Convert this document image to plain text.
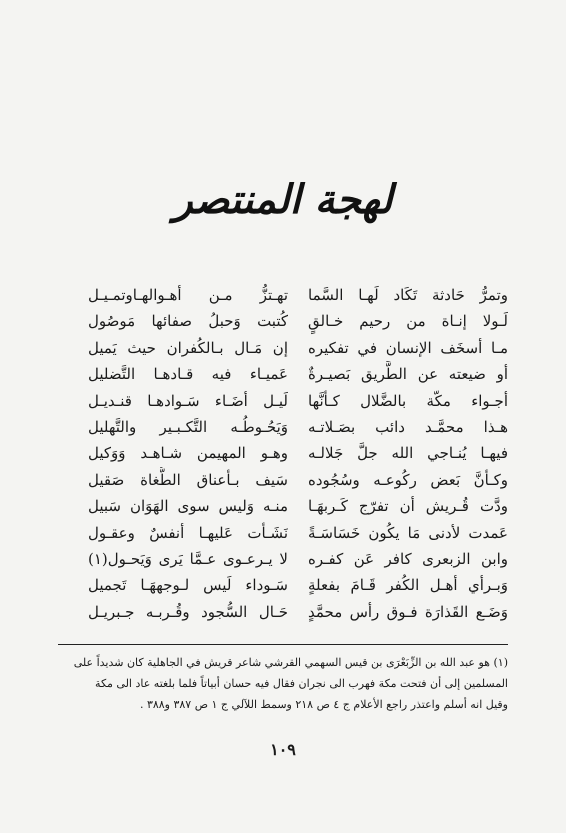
لهجة المنتصر
وتمرُّ حَادثة تَكَاد لَهـا السَّما
تهـتزُّ مـن أهـوالهـاوتمـيـل
لَـولا إنـاة من رحيم خـالقٍ
كُتبت وَحبلُ صفائها مَوصُول
مـا أسخَف الإنسان في تفكيره
إن مَـال بـالكُفران حيث يَميل
أو ضيعته عن الطَّريق بَصيـرةٌ
عَميـاء فيه قـادهـا التَّضليل
أجـواء مكّة بالضَّلال كـأنَّها
لَيـل أضَـاء سَـوادهـا قنـديـل
هـذا محمَّـد دائب بصَـلاتـه
وَيَحُـوطُـه التَّكـبـير والتَّهليل
فيهـا يُنـاجي الله جلَّ جَلالـه
وهـو المهيمن شـاهـد وَوَكيل
وكـأنَّ بَعض ركُوعـه وسُجُوده
سَيف بـأعناق الطُّغاة صَقيل
ودَّت قُـريش أن تفرّج كَـربهَـا
منـه وَليس سوى الهَوَان سَبيل
عَمدت لأدنى مَا يكُون خَسَاسَـةً
نَشَـأت عَليهـا أنفسٌ وعقـول
وابن الزبعرى كافر عَن كفـره
لا يـرعـوى عـمَّا يَرى وَيَحـول(١)
وَبـرأي أهـل الكُفر قَـامَ بفعلةٍ
سَـوداء لَيس لـوجههَـا تَجميل
وَضَـع القَذارَة فـوق رأس محمَّدٍ
حَـال السُّجود وقُـربـه جـبريـل
(١) هو عبد الله بن الزِّبَعْرَى بن قيس السهمي القرشي شاعر قريش في الجاهلية كان شديداً على
المسلمين إلى أن فتحت مكة فهرب الى نجران فقال فيه حسان أبياتاً فلما بلغته عاد الى مكة
وقيل انه أسلم واعتذر راجع الأعلام ج ٤ ص ٢١٨ وسمط اللآلي ج ١ ص ٣٨٧ و٣٨٨ .
١٠٩
